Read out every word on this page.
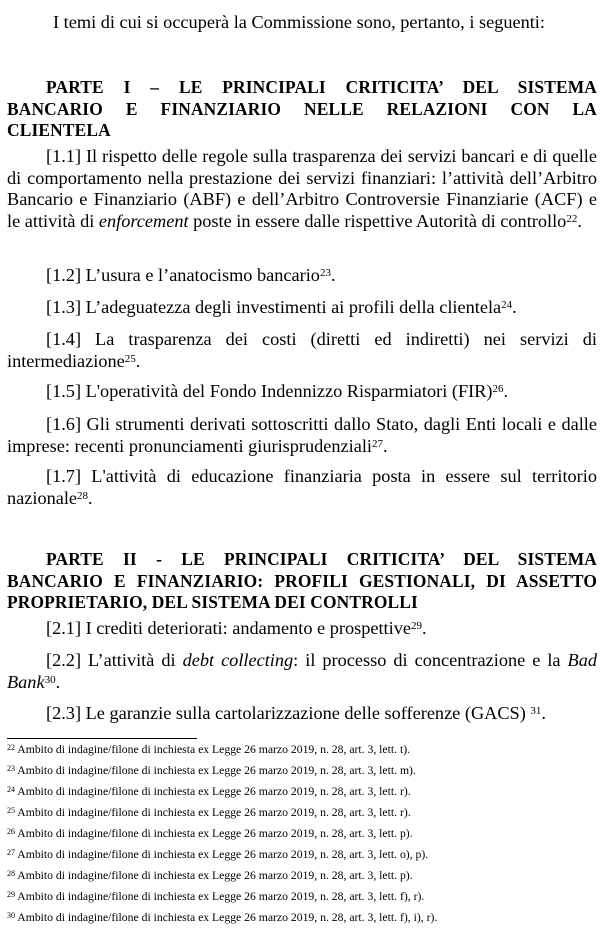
I temi di cui si occuperà la Commissione sono, pertanto, i seguenti:
PARTE I – LE PRINCIPALI CRITICITA’ DEL SISTEMA
BANCARIO E FINANZIARIO NELLE RELAZIONI CON LA
CLIENTELA
[1.1] Il rispetto delle regole sulla trasparenza dei servizi bancari e di quelle di comportamento nella prestazione dei servizi finanziari: l’attività dell’Arbitro Bancario e Finanziario (ABF) e dell’Arbitro Controversie Finanziarie (ACF) e le attività di enforcement poste in essere dalle rispettive Autorità di controllo$^{22}$.
[1.2] L’usura e l’anatocismo bancario$^{23}$.
[1.3] L’adeguatezza degli investimenti ai profili della clientela$^{24}$.
[1.4] La trasparenza dei costi (diretti ed indiretti) nei servizi di intermediazione$^{25}$.
[1.5] L'operatività del Fondo Indennizzo Risparmiatori (FIR)$^{26}$.
[1.6] Gli strumenti derivati sottoscritti dallo Stato, dagli Enti locali e dalle imprese: recenti pronunciamenti giurisprudenziali$^{27}$.
[1.7] L'attività di educazione finanziaria posta in essere sul territorio nazionale$^{28}$.
PARTE II - LE PRINCIPALI CRITICITA’ DEL SISTEMA
BANCARIO E FINANZIARIO: PROFILI GESTIONALI, DI ASSETTO
PROPRIETARIO, DEL SISTEMA DEI CONTROLLI
[2.1] I crediti deteriorati: andamento e prospettive$^{29}$.
[2.2] L’attività di debt collecting: il processo di concentrazione e la Bad Bank$^{30}$.
[2.3] Le garanzie sulla cartolarizzazione delle sofferenze (GACS) $^{31}$.
$^{22}$ Ambito di indagine/filone di inchiesta ex Legge 26 marzo 2019, n. 28, art. 3, lett. t).
$^{23}$ Ambito di indagine/filone di inchiesta ex Legge 26 marzo 2019, n. 28, art. 3, lett. m).
$^{24}$ Ambito di indagine/filone di inchiesta ex Legge 26 marzo 2019, n. 28, art. 3, lett. r).
$^{25}$ Ambito di indagine/filone di inchiesta ex Legge 26 marzo 2019, n. 28, art. 3, lett. r).
$^{26}$ Ambito di indagine/filone di inchiesta ex Legge 26 marzo 2019, n. 28, art. 3, lett. p).
$^{27}$ Ambito di indagine/filone di inchiesta ex Legge 26 marzo 2019, n. 28, art. 3, lett. o), p).
$^{28}$ Ambito di indagine/filone di inchiesta ex Legge 26 marzo 2019, n. 28, art. 3, lett. p).
$^{29}$ Ambito di indagine/filone di inchiesta ex Legge 26 marzo 2019, n. 28, art. 3, lett. f), r).
$^{30}$ Ambito di indagine/filone di inchiesta ex Legge 26 marzo 2019, n. 28, art. 3, lett. f), i), r).
